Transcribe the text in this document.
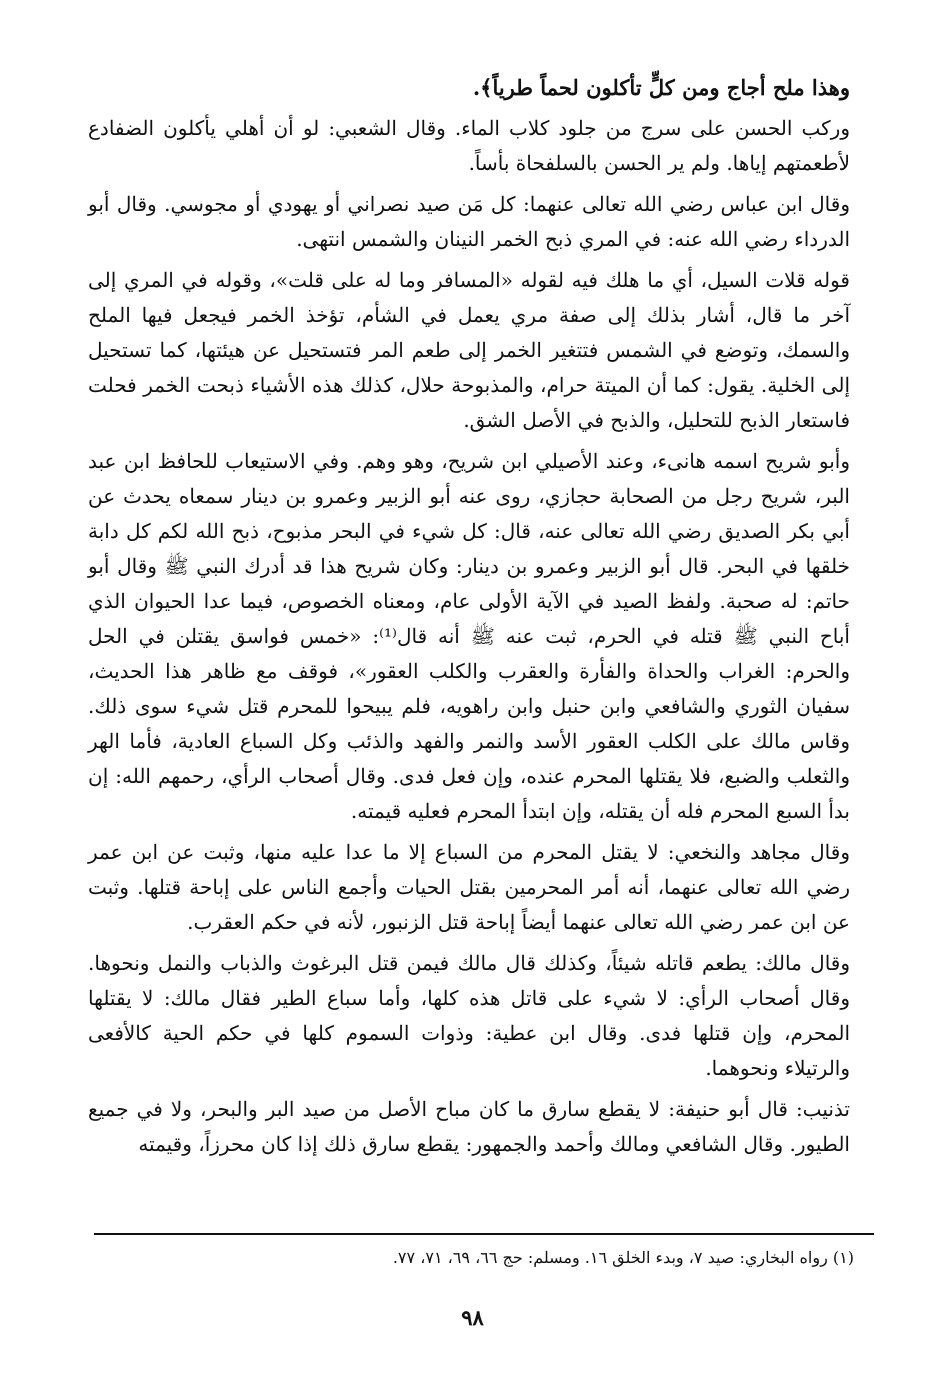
وهذا ملح أجاج ومن كلٍّ تأكلون لحماً طرياً﴾.

وركب الحسن على سرج من جلود كلاب الماء. وقال الشعبي: لو أن أهلي يأكلون الضفادع لأطعمتهم إياها. ولم ير الحسن بالسلفحاة بأساً.

وقال ابن عباس رضي الله تعالى عنهما: كل مَن صيد نصراني أو يهودي أو مجوسي. وقال أبو الدرداء رضي الله عنه: في المري ذبح الخمر النينان والشمس انتهى.

قوله قلات السيل، أي ما هلك فيه لقوله «المسافر وما له على قلت»، وقوله في المري إلى آخر ما قال، أشار بذلك إلى صفة مري يعمل في الشأم، تؤخذ الخمر فيجعل فيها الملح والسمك، وتوضع في الشمس فتتغير الخمر إلى طعم المر فتستحيل عن هيئتها، كما تستحيل إلى الخلية. يقول: كما أن الميتة حرام، والمذبوحة حلال، كذلك هذه الأشياء ذبحت الخمر فحلت فاستعار الذبح للتحليل، والذبح في الأصل الشق.

وأبو شريح اسمه هانىء، وعند الأصيلي ابن شريح، وهو وهم. وفي الاستيعاب للحافظ ابن عبد البر، شريح رجل من الصحابة حجازي، روى عنه أبو الزبير وعمرو بن دينار سمعاه يحدث عن أبي بكر الصديق رضي الله تعالى عنه، قال: كل شيء في البحر مذبوح، ذبح الله لكم كل دابة خلقها في البحر. قال أبو الزبير وعمرو بن دينار: وكان شريح هذا قد أدرك النبي ﷺ وقال أبو حاتم: له صحبة. ولفظ الصيد في الآية الأولى عام، ومعناه الخصوص، فيما عدا الحيوان الذي أباح النبي ﷺ قتله في الحرم، ثبت عنه ﷺ أنه قال⁽¹⁾: «خمس فواسق يقتلن في الحل والحرم: الغراب والحداة والفأرة والعقرب والكلب العقور»، فوقف مع ظاهر هذا الحديث، سفيان الثوري والشافعي وابن حنبل وابن راهويه، فلم يبيحوا للمحرم قتل شيء سوى ذلك. وقاس مالك على الكلب العقور الأسد والنمر والفهد والذئب وكل السباع العادية، فأما الهر والثعلب والضبع، فلا يقتلها المحرم عنده، وإن فعل فدى. وقال أصحاب الرأي، رحمهم الله: إن بدأ السبع المحرم فله أن يقتله، وإن ابتدأ المحرم فعليه قيمته.

وقال مجاهد والنخعي: لا يقتل المحرم من السباع إلا ما عدا عليه منها، وثبت عن ابن عمر رضي الله تعالى عنهما، أنه أمر المحرمين بقتل الحيات وأجمع الناس على إباحة قتلها. وثبت عن ابن عمر رضي الله تعالى عنهما أيضاً إباحة قتل الزنبور، لأنه في حكم العقرب.

وقال مالك: يطعم قاتله شيئاً، وكذلك قال مالك فيمن قتل البرغوث والذباب والنمل ونحوها. وقال أصحاب الرأي: لا شيء على قاتل هذه كلها، وأما سباع الطير فقال مالك: لا يقتلها المحرم، وإن قتلها فدى. وقال ابن عطية: وذوات السموم كلها في حكم الحية كالأفعى والرتيلاء ونحوهما.

تذنيب: قال أبو حنيفة: لا يقطع سارق ما كان مباح الأصل من صيد البر والبحر، ولا في جميع الطيور. وقال الشافعي ومالك وأحمد والجمهور: يقطع سارق ذلك إذا كان محرزاً، وقيمته

(١) رواه البخاري: صيد ٧، وبدء الخلق ١٦. ومسلم: حج ٦٦، ٦٩، ٧١، ٧٧.
٩٨
